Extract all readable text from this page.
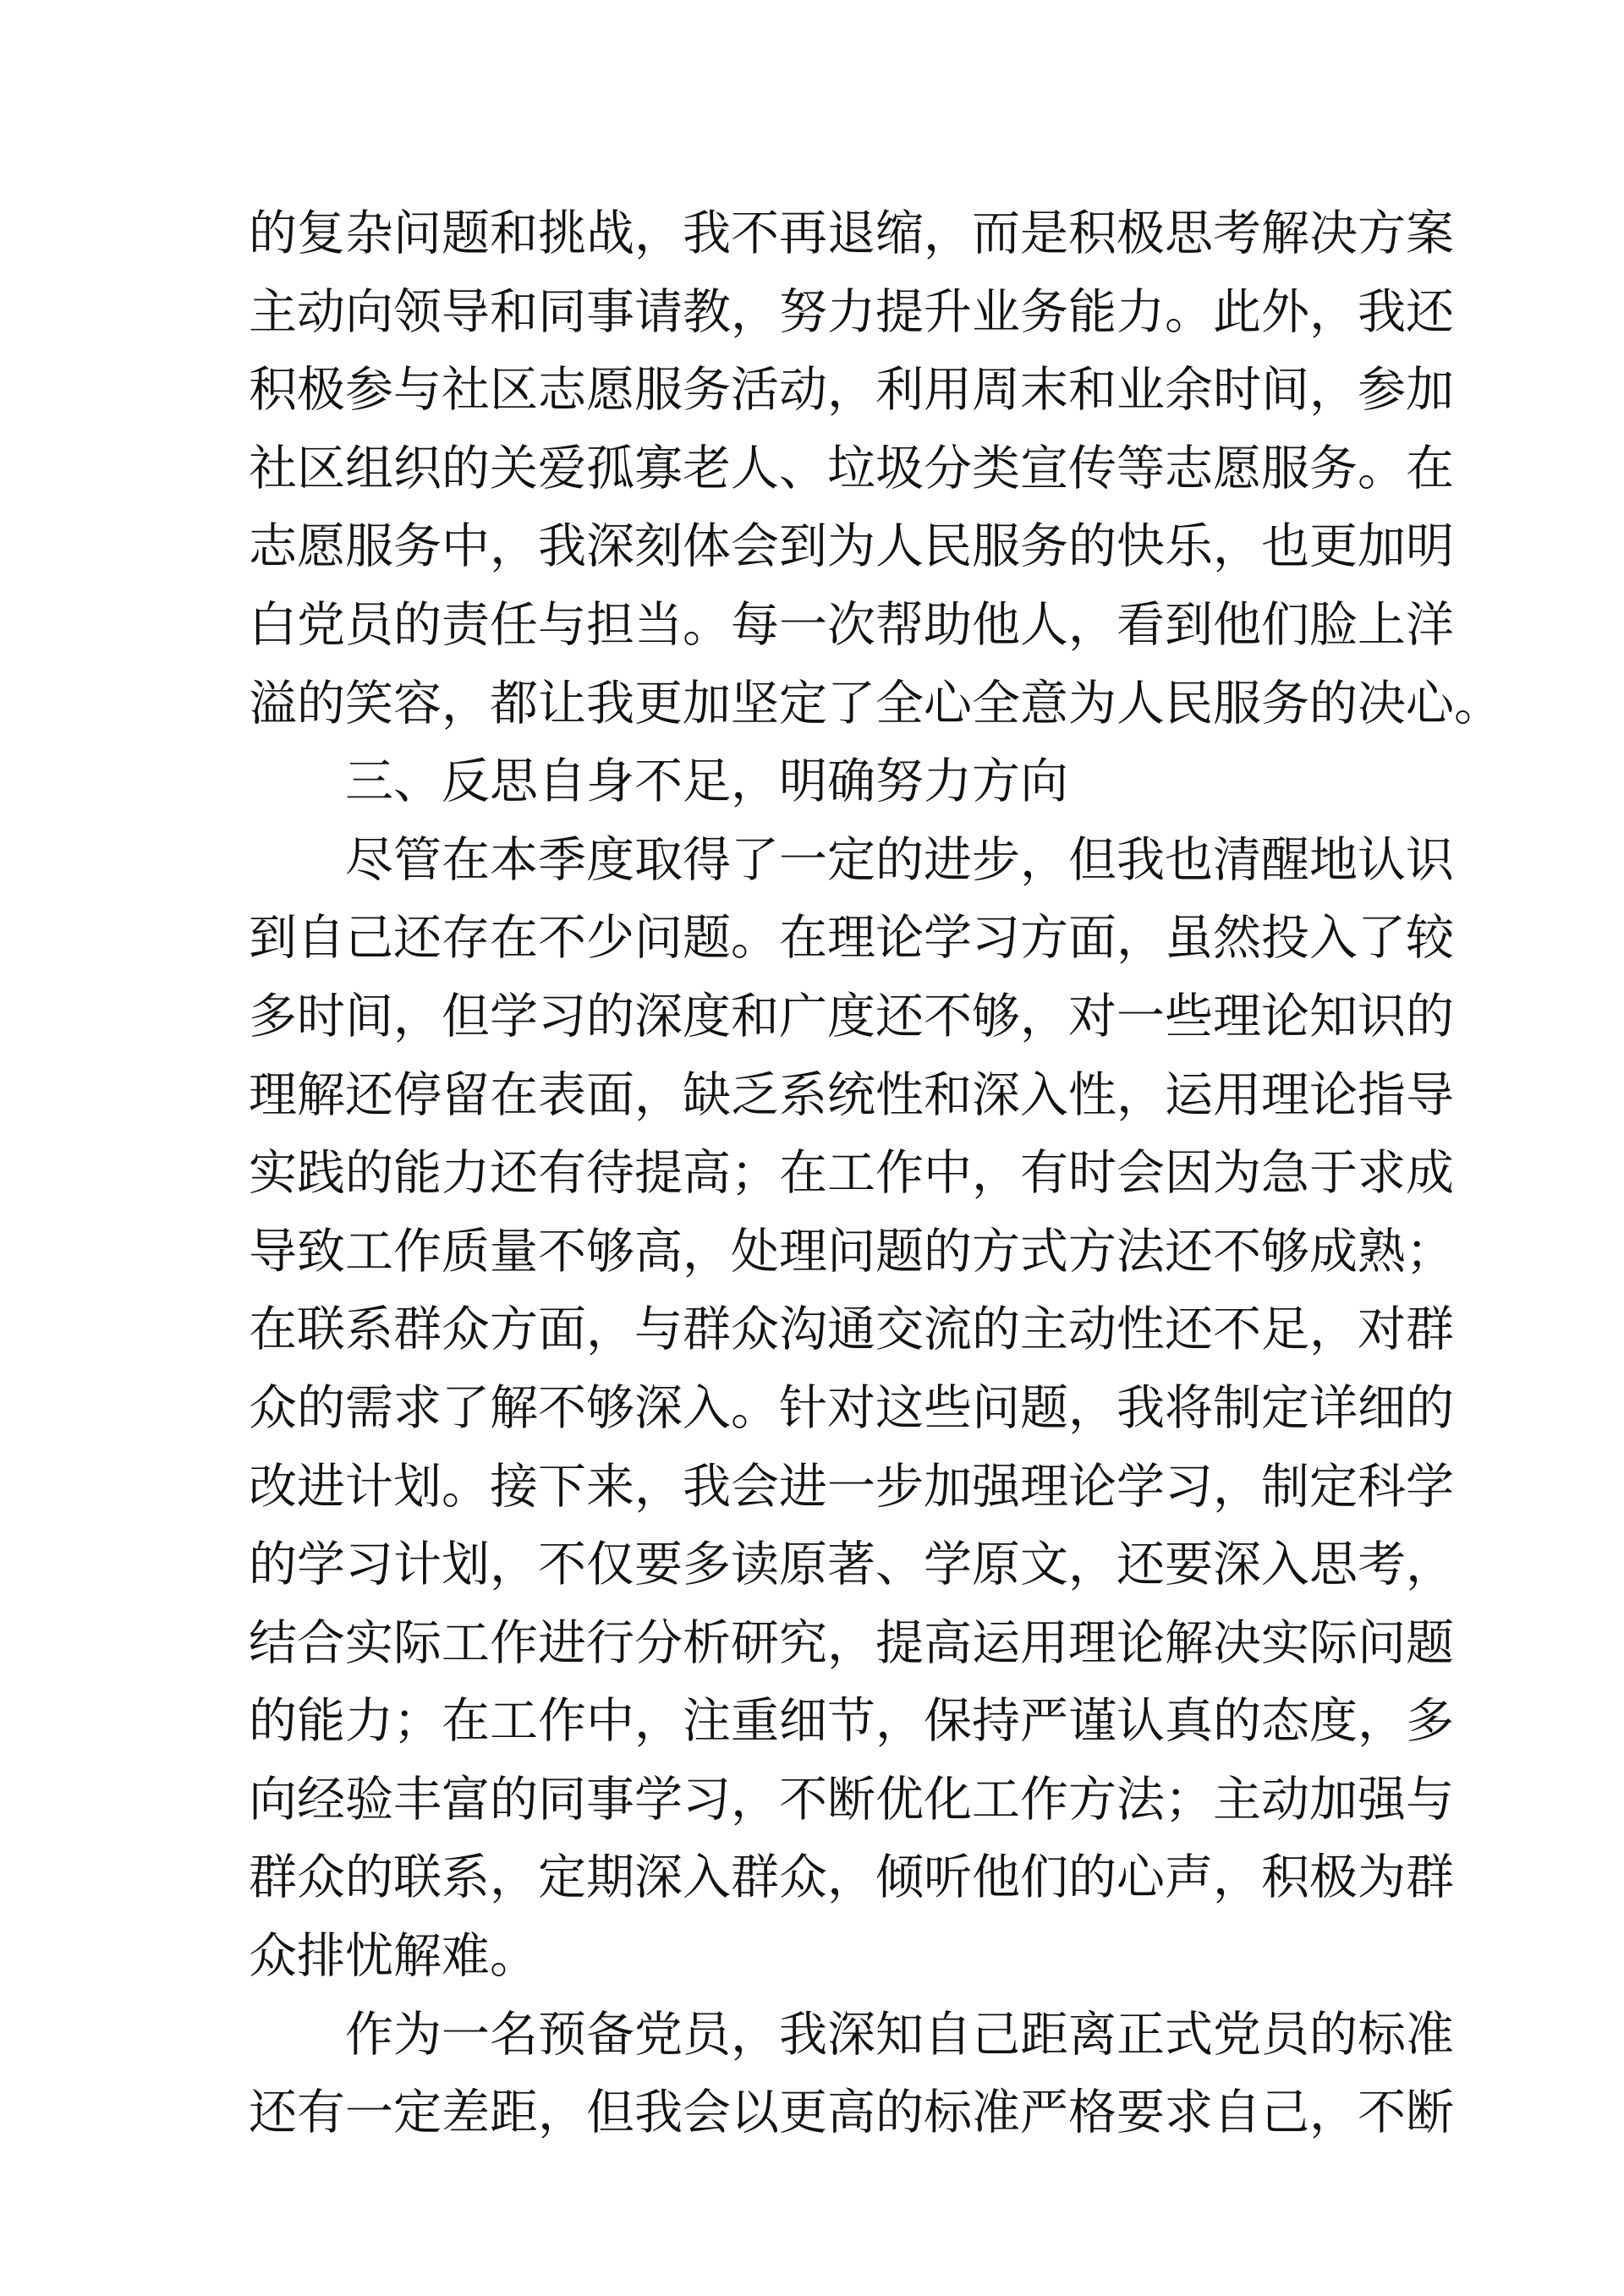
的复杂问题和挑战，我不再退缩，而是积极思考解决方案
主动向领导和同事请教，努力提升业务能力。此外，我还
积极参与社区志愿服务活动，利用周末和业余时间，参加
社区组织的关爱孤寡老人、垃圾分类宣传等志愿服务。在
志愿服务中，我深刻体会到为人民服务的快乐，也更加明
白党员的责任与担当。每一次帮助他人，看到他们脸上洋
溢的笑容，都让我更加坚定了全心全意为人民服务的决心。
三、反思自身不足，明确努力方向
尽管在本季度取得了一定的进步，但我也清醒地认识
到自己还存在不少问题。在理论学习方面，虽然投入了较
多时间，但学习的深度和广度还不够，对一些理论知识的
理解还停留在表面，缺乏系统性和深入性，运用理论指导
实践的能力还有待提高；在工作中，有时会因为急于求成
导致工作质量不够高，处理问题的方式方法还不够成熟；
在联系群众方面，与群众沟通交流的主动性还不足，对群
众的需求了解不够深入。针对这些问题，我将制定详细的
改进计划。接下来，我会进一步加强理论学习，制定科学
的学习计划，不仅要多读原著、学原文，还要深入思考，
结合实际工作进行分析研究，提高运用理论解决实际问题
的能力；在工作中，注重细节，保持严谨认真的态度，多
向经验丰富的同事学习，不断优化工作方法；主动加强与
群众的联系，定期深入群众，倾听他们的心声，积极为群
众排忧解难。
作为一名预备党员，我深知自己距离正式党员的标准
还有一定差距，但我会以更高的标准严格要求自己，不断
